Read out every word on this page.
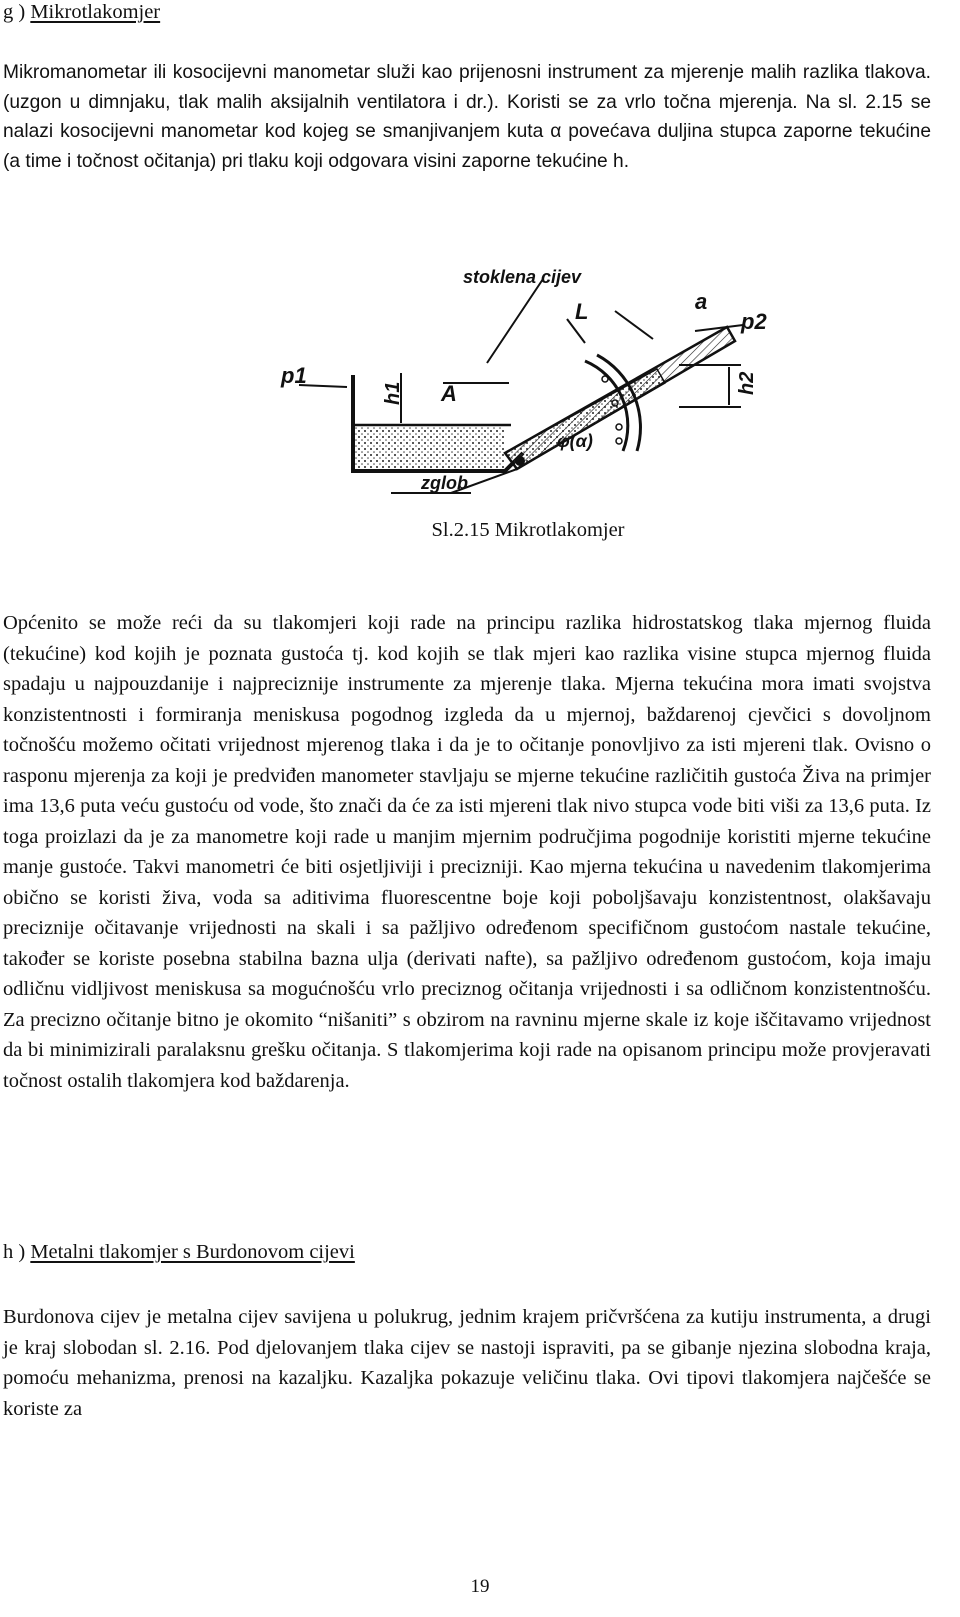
g ) Mikrotlakomjer

Mikromanometar ili kosocijevni manometar služi kao prijenosni instrument za mjerenje malih razlika tlakova. (uzgon u dimnjaku, tlak malih aksijalnih ventilatora i dr.). Koristi se za vrlo točna mjerenja. Na sl. 2.15 se nalazi kosocijevni manometar kod kojeg se smanjivanjem kuta α povećava duljina stupca zaporne tekućine (a time i točnost očitanja) pri tlaku koji odgovara visini zaporne tekućine h.

stoklena cijev
p1
p2
h1	h2
A
a
L
φ(α)
zglob
Sl.2.15 Mikrotlakomjer

Općenito se može reći da su tlakomjeri koji rade na principu razlika hidrostatskog tlaka mjernog fluida (tekućine) kod kojih je poznata gustoća tj. kod kojih se tlak mjeri kao razlika visine stupca mjernog fluida spadaju u najpouzdanije i najpreciznije instrumente za mjerenje tlaka. Mjerna tekućina mora imati svojstva konzistentnosti i formiranja meniskusa pogodnog izgleda da u mjernoj, baždarenoj cjevčici s dovoljnom točnošću možemo očitati vrijednost mjerenog tlaka i da je to očitanje ponovljivo za isti mjereni tlak. Ovisno o rasponu mjerenja za koji je predviđen manometer stavljaju se mjerne tekućine različitih gustoća Živa na primjer ima 13,6 puta veću gustoću od vode, što znači da će za isti mjereni tlak nivo stupca vode biti viši za 13,6 puta. Iz toga proizlazi da je za manometre koji rade u manjim mjernim područjima pogodnije koristiti mjerne tekućine manje gustoće. Takvi manometri će biti osjetljiviji i precizniji. Kao mjerna tekućina u navedenim tlakomjerima obično se koristi živa, voda sa aditivima fluorescentne boje koji poboljšavaju konzistentnost, olakšavaju preciznije očitavanje vrijednosti na skali i sa pažljivo određenom specifičnom gustoćom nastale tekućine, također se koriste posebna stabilna bazna ulja (derivati nafte), sa pažljivo određenom gustoćom, koja imaju odličnu vidljivost meniskusa sa mogućnošću vrlo preciznog očitanja vrijednosti i sa odličnom konzistentnošću. Za precizno očitanje bitno je okomito “nišaniti” s obzirom na ravninu mjerne skale iz koje iščitavamo vrijednost da bi minimizirali paralaksnu grešku očitanja. S tlakomjerima koji rade na opisanom principu može provjeravati točnost ostalih tlakomjera kod baždarenja.

h ) Metalni tlakomjer s Burdonovom cijevi

Burdonova cijev je metalna cijev savijena u polukrug, jednim krajem pričvršćena za kutiju instrumenta, a drugi je kraj slobodan sl. 2.16. Pod djelovanjem tlaka cijev se nastoji ispraviti, pa se gibanje njezina slobodna kraja, pomoću mehanizma, prenosi na kazaljku. Kazaljka pokazuje veličinu tlaka. Ovi tipovi tlakomjera najčešće se koriste za

19
